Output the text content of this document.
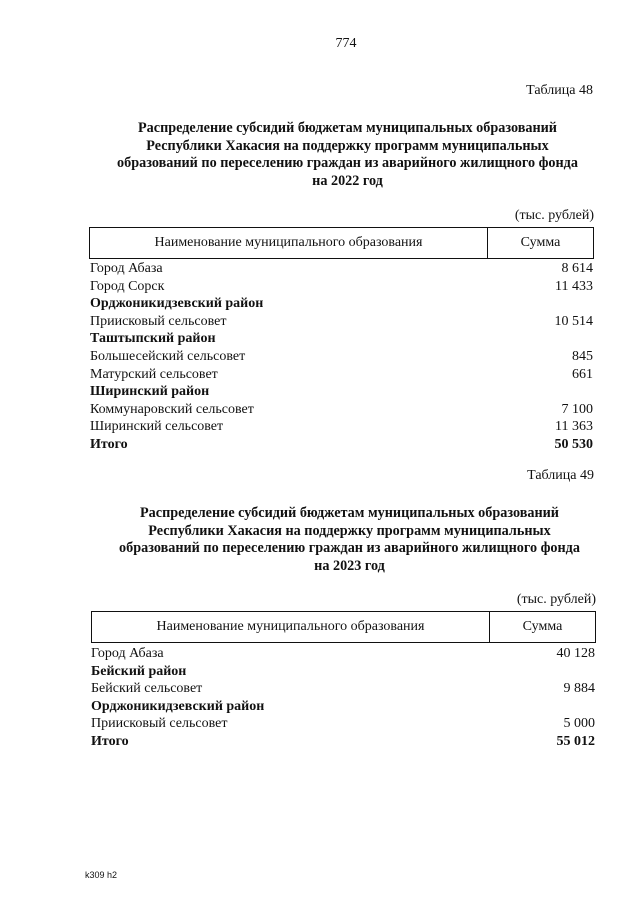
774
Таблица 48
Распределение субсидий бюджетам муниципальных образований
Республики Хакасия на поддержку программ муниципальных
образований по переселению граждан из аварийного жилищного фонда
на 2022 год
(тыс. рублей)
Наименование муниципального образования	Сумма
Город Абаза	8 614
Город Сорск	11 433
Орджоникидзевский район
Приисковый сельсовет	10 514
Таштыпский район
Большесейский сельсовет	845
Матурский сельсовет	661
Ширинский район
Коммунаровский сельсовет	7 100
Ширинский сельсовет	11 363
Итого	50 530
Таблица 49
Распределение субсидий бюджетам муниципальных образований
Республики Хакасия на поддержку программ муниципальных
образований по переселению граждан из аварийного жилищного фонда
на 2023 год
(тыс. рублей)
Наименование муниципального образования	Сумма
Город Абаза	40 128
Бейский район
Бейский сельсовет	9 884
Орджоникидзевский район
Приисковый сельсовет	5 000
Итого	55 012
k309 h2
